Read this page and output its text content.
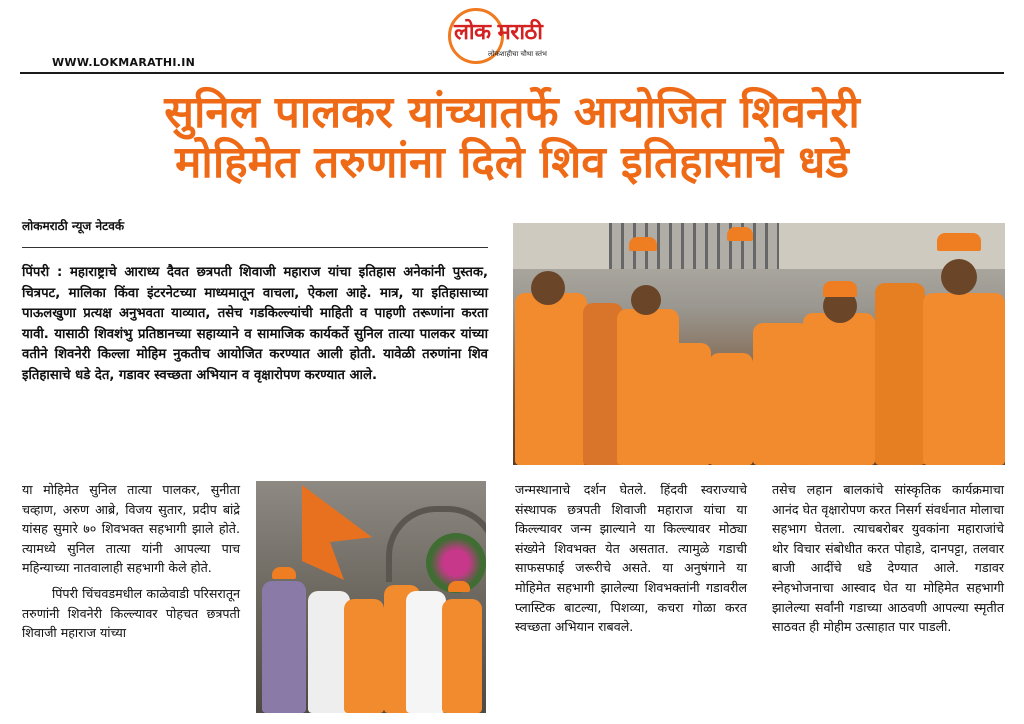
लोक मराठी
लोकशाहीचा चौथा स्तंभ
WWW.LOKMARATHI.IN
सुनिल पालकर यांच्यातर्फे आयोजित शिवनेरी
मोहिमेत तरुणांना दिले शिव इतिहासाचे धडे
लोकमराठी न्यूज नेटवर्क

पिंपरी : महाराष्ट्राचे आराध्य दैवत छत्रपती शिवाजी महाराज यांचा इतिहास अनेकांनी पुस्तक, चित्रपट, मालिका किंवा इंटरनेटच्या माध्यमातून वाचला, ऐकला आहे. मात्र, या इतिहासाच्या पाऊलखुणा प्रत्यक्ष अनुभवता याव्यात, तसेच गडकिल्ल्यांची माहिती व पाहणी तरूणांना करता यावी. यासाठी शिवशंभु प्रतिष्ठानच्या सहाय्याने व सामाजिक कार्यकर्ते सुनिल तात्या पालकर यांच्या वतीने शिवनेरी किल्ला मोहिम नुकतीच आयोजित करण्यात आली होती. यावेळी तरुणांना शिव इतिहासाचे धडे देत, गडावर स्वच्छता अभियान व वृक्षारोपण करण्यात आले.

या मोहिमेत सुनिल तात्या पालकर, सुनीता चव्हाण, अरुण आब्रे, विजय सुतार, प्रदीप बांद्रे यांसह सुमारे ७० शिवभक्त सहभागी झाले होते. त्यामध्ये सुनिल तात्या यांनी आपल्या पाच महिन्याच्या नातवालाही सहभागी केले होते.
पिंपरी चिंचवडमधील काळेवाडी परिसरातून तरुणांनी शिवनेरी किल्ल्यावर पोहचत छत्रपती शिवाजी महाराज यांच्या

जन्मस्थानाचे दर्शन घेतले. हिंदवी स्वराज्याचे संस्थापक छत्रपती शिवाजी महाराज यांचा या किल्ल्यावर जन्म झाल्याने या किल्ल्यावर मोठ्या संख्येने शिवभक्त येत असतात. त्यामुळे गडाची साफसफाई जरूरीचे असते. या अनुषंगाने या मोहिमेत सहभागी झालेल्या शिवभक्तांनी गडावरील प्लास्टिक बाटल्या, पिशव्या, कचरा गोळा करत स्वच्छता अभियान राबवले.

तसेच लहान बालकांचे सांस्कृतिक कार्यक्रमाचा आनंद घेत वृक्षारोपण करत निसर्ग संवर्धनात मोलाचा सहभाग घेतला. त्याचबरोबर युवकांना महाराजांचे थोर विचार संबोधीत करत पोहाडे, दानपट्टा, तलवार बाजी आदींचे धडे देण्यात आले. गडावर स्नेहभोजनाचा आस्वाद घेत या मोहिमेत सहभागी झालेल्या सर्वांनी गडाच्या आठवणी आपल्या स्मृतीत साठवत ही मोहीम उत्साहात पार पाडली.
